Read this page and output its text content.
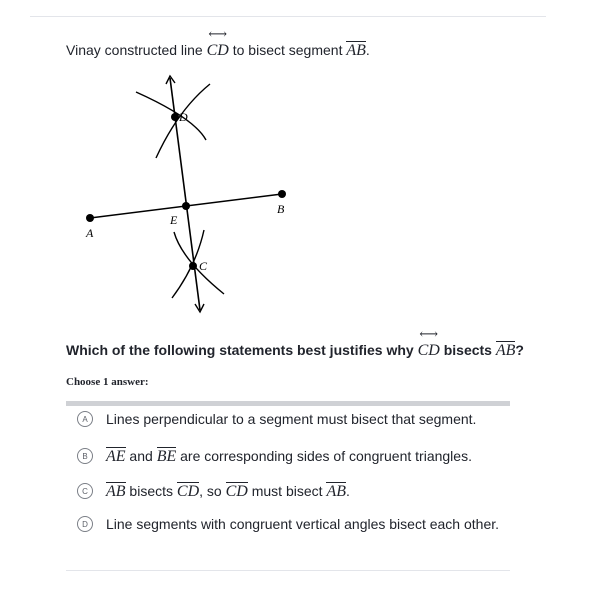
Vinay constructed line ⟷ CD to bisect segment AB.
A
B
E
D
C
Which of the following statements best justifies why ⟷ CD bisects AB?
Choose 1 answer:
A	Lines perpendicular to a segment must bisect that segment.
B	AE and BE are corresponding sides of congruent triangles.
C	AB bisects CD, so CD must bisect AB.
D	Line segments with congruent vertical angles bisect each other.
